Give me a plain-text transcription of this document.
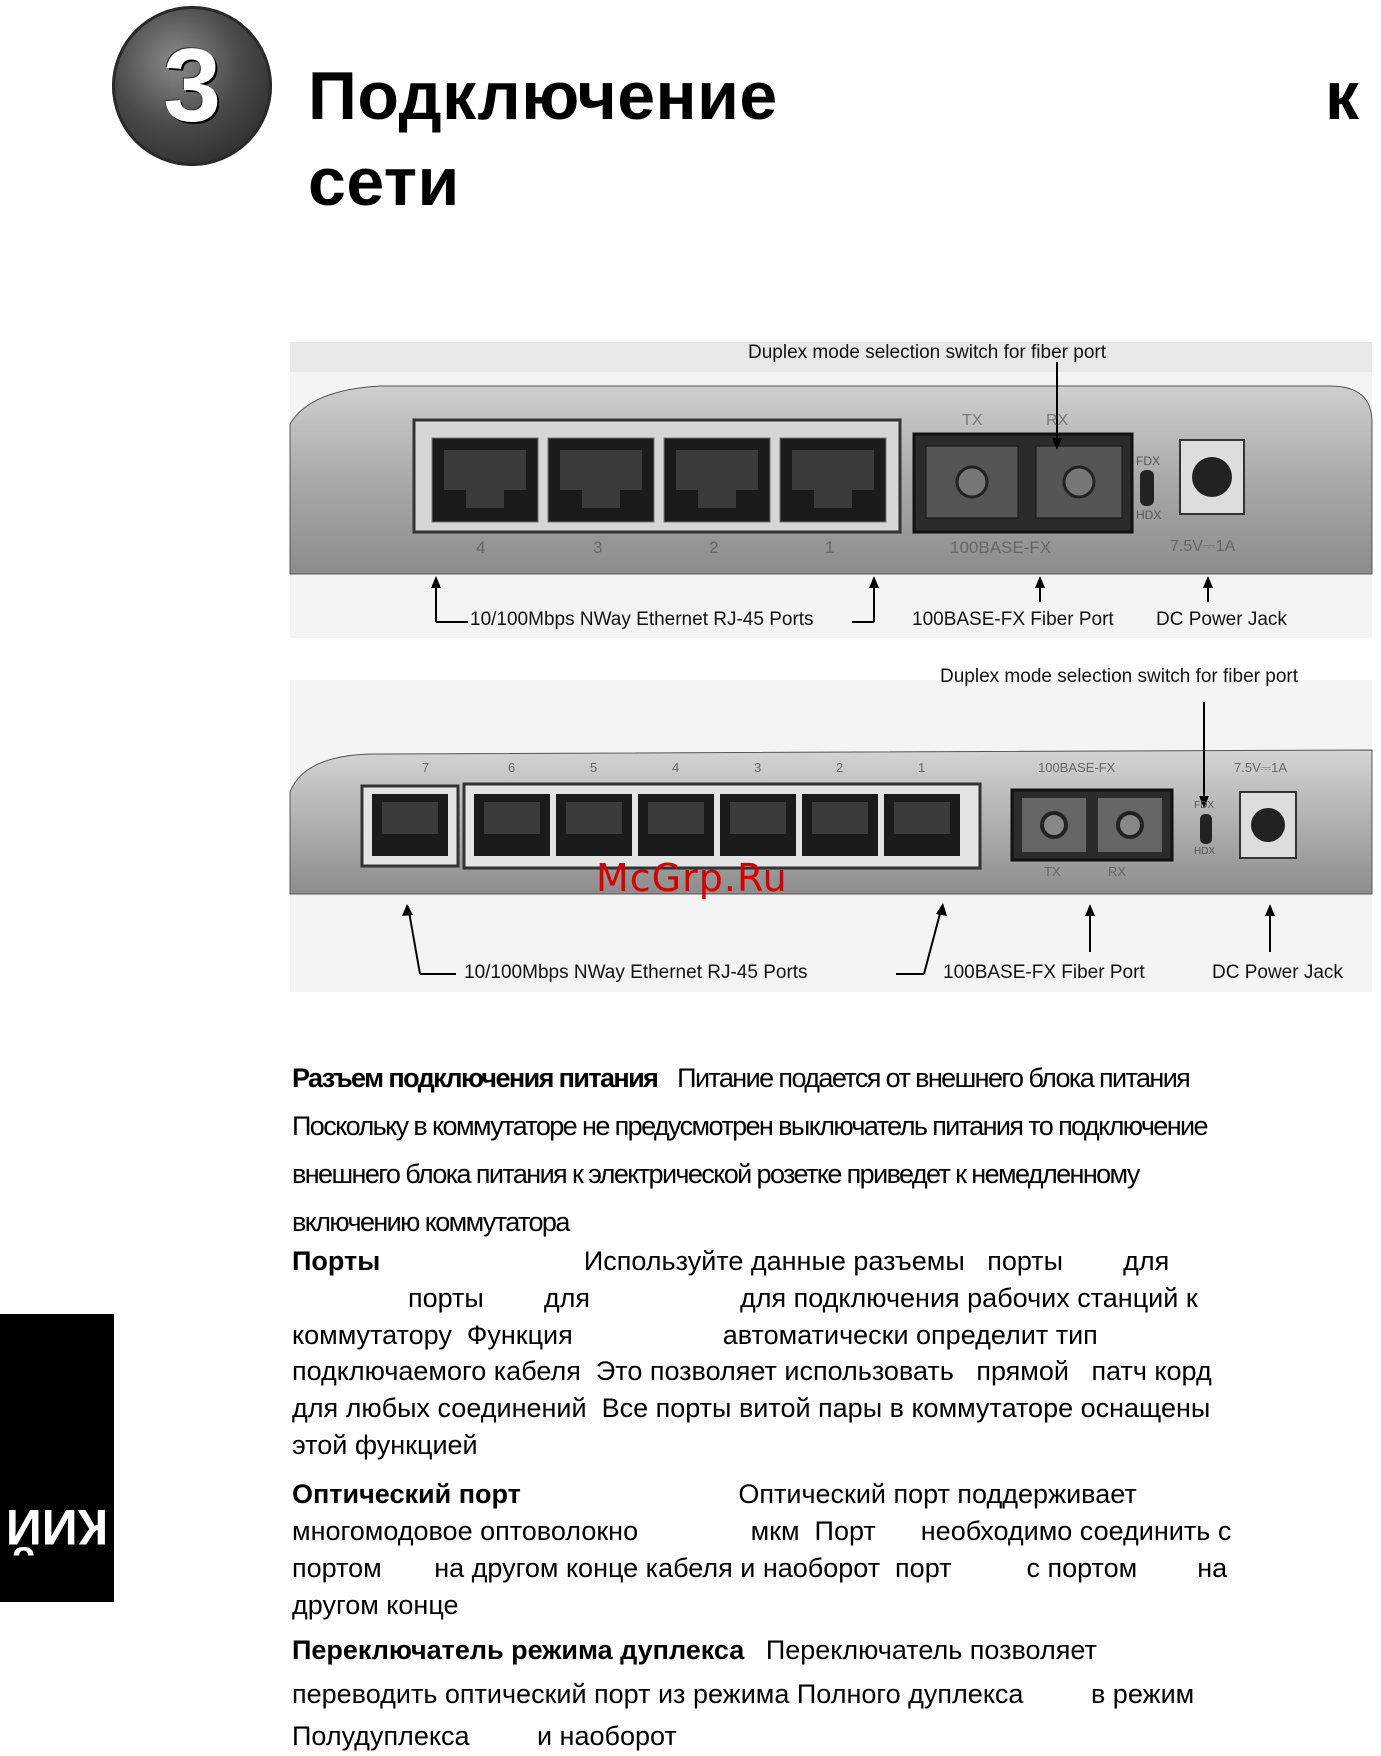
3 Подключение	к
сети
Duplex mode selection switch for fiber port
10/100Mbps NWay Ethernet RJ-45 Ports	100BASE-FX Fiber Port DC Power Jack
4	3	2	1
TX	RX
FDX
HDX
100BASE-FX	7.5V⎓1A
Duplex mode selection switch for fiber port
10/100Mbps NWay Ethernet RJ-45 Ports	100BASE-FX Fiber Port	DC Power Jack
7	6	5	4	3	2	1	100BASE-FX	7.5V⎓1A
TX	RX
FDX
HDX
McGrp.Ru
Разъем подключения питания Питание подается от внешнего блока питания
Поскольку в коммутаторе не предусмотрен выключатель питания то подключение
внешнего блока питания к электрической розетке приведет к немедленному
включению коммутатора
Порты	Используйте данные разъемы   порты        для
порты        для                    для подключения рабочих станций к
коммутатору  Функция                    автоматически определит тип
подключаемого кабеля  Это позволяет использовать   прямой   патч корд
для любых соединений  Все порты витой пары в коммутаторе оснащены
этой функцией
Оптический порт	Оптический порт поддерживает
многомодовое оптоволокно               мкм  Порт      необходимо соединить с
портом       на другом конце кабеля и наоборот  порт          с портом        на
другом конце
Переключатель режима дуплекса Переключатель позволяет
переводить оптический порт из режима Полного дуплекса         в режим
Полудуплекса         и наоборот
КИЙ
